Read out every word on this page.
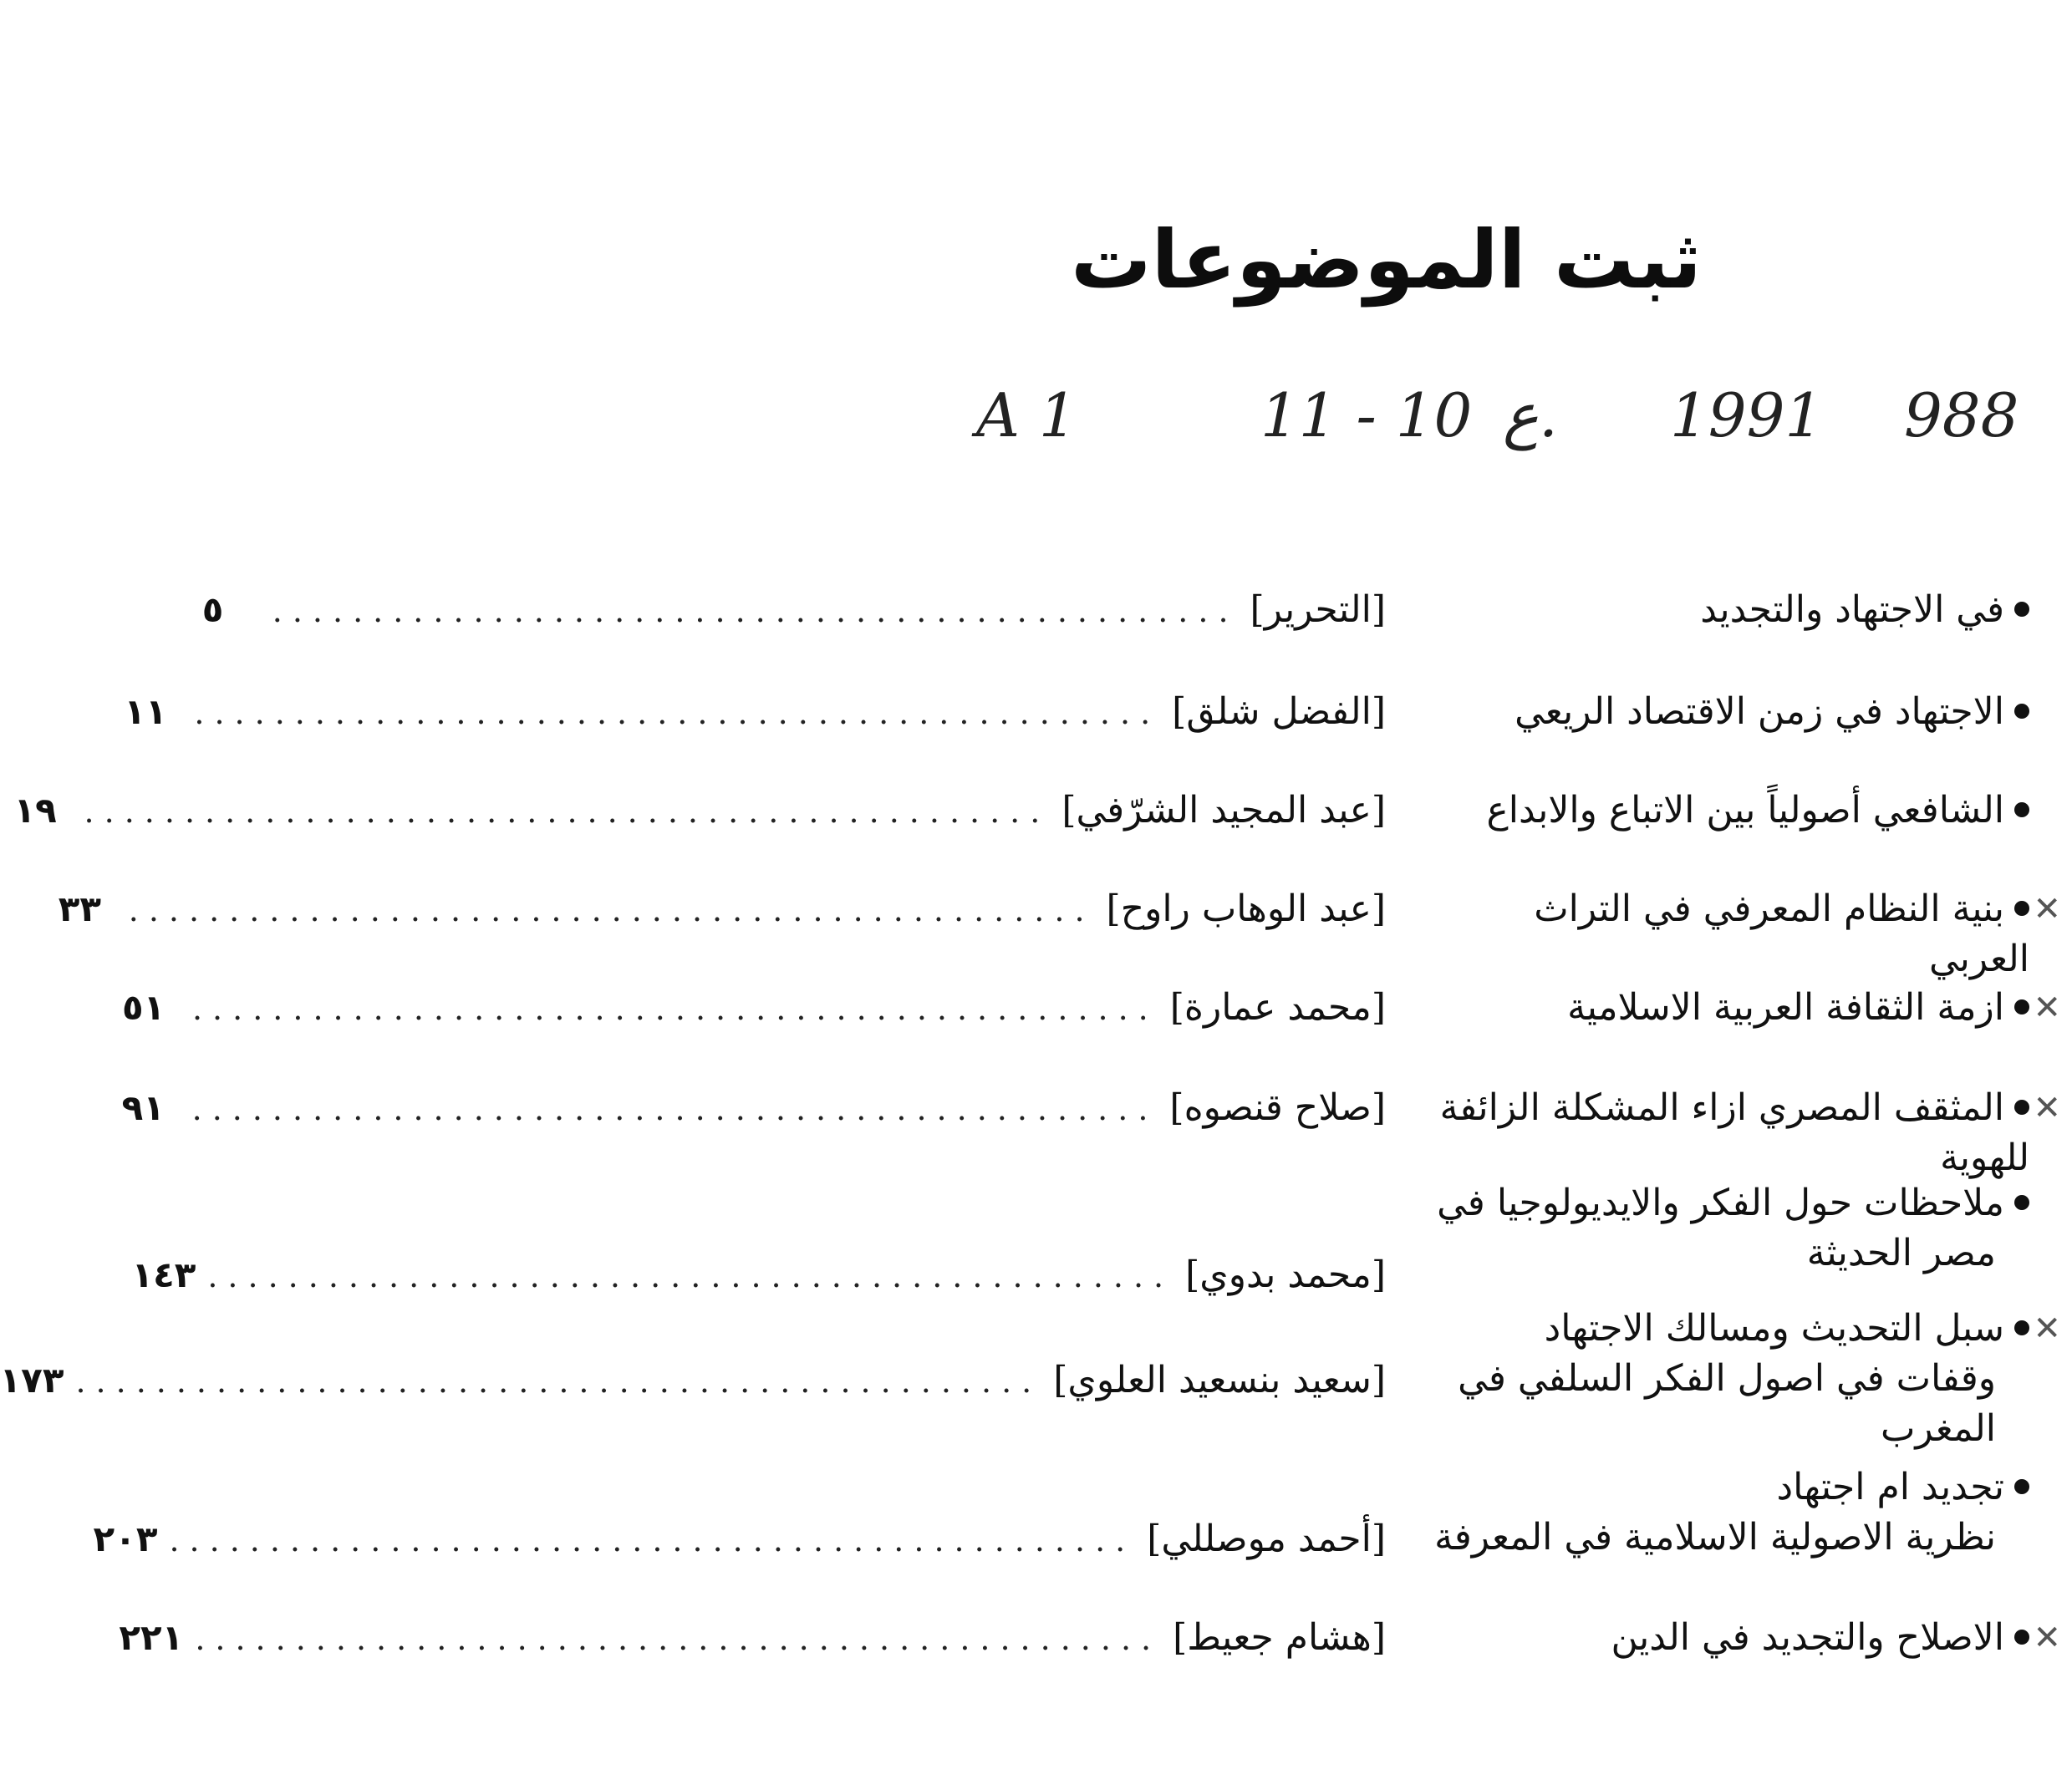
ثبت الموضوعات
A 1	11 - 10 ع. 1991 988
في الاجتهاد والتجديد
[التحرير]
................................................
٥
الاجتهاد في زمن الاقتصاد الريعي
[الفضل شلق]
................................................
١١
الشافعي أصولياً بين الاتباع والابداع
[عبد المجيد الشرّفي]
................................................
١٩
✕
بنية النظام المعرفي في التراث العربي
[عبد الوهاب راوح]
................................................
٣٣
✕
ازمة الثقافة العربية الاسلامية
[محمد عمارة]
................................................
٥١
✕
المثقف المصري ازاء المشكلة الزائفة للهوية
[صلاح قنصوه]
................................................
٩١
ملاحظات حول الفكر والايديولوجيا في
مصر الحديثة
[محمد بدوي]
................................................
١٤٣
✕
سبل التحديث ومسالك الاجتهاد
وقفات في اصول الفكر السلفي في المغرب
[سعيد بنسعيد العلوي]
................................................
١٧٣
تجديد ام اجتهاد
نظرية الاصولية الاسلامية في المعرفة
[أحمد موصللي]
................................................
٢٠٣
✕
الاصلاح والتجديد في الدين
[هشام جعيط]
................................................
٢٢١
